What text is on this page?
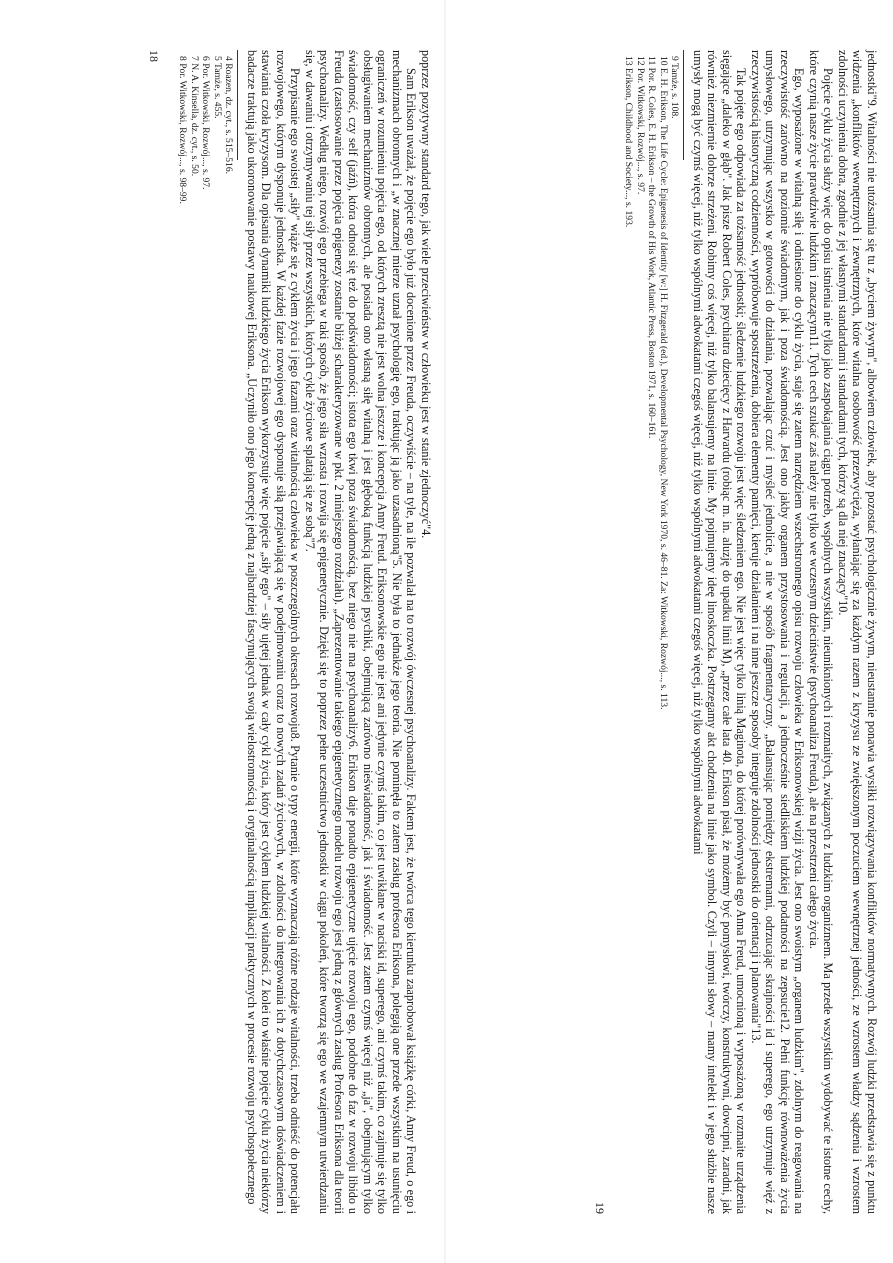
poprzez pozytywny standard tego, jak wiele przeciwieństw w człowieku jest w stanie zjednoczyć"4.

Sam Erikson uważał, że pojęcie ego było już docenione przez Freuda, oczywiście – na tyle, na ile pozwalał na to rozwój ówczesnej psychoanalizy. Faktem jest, że twórca tego kierunku zaaprobował książkę córki, Anny Freud, o ego i mechanizmach obronnych i „w znacznej mierze uznał psychologię ego, traktując ją jako uzasadnioną"5. Nie była to jednakże jego teoria. Nie pominęła to zatem zasług profesora Eriksona, polegają one przede wszystkim na usunięciu ograniczeń w rozumieniu pojęcia ego, od których zresztą nie jest wolna jeszcze i koncepcja Anny Freud. Eriksonowskie ego nie jest ani jedynie czymś takim, co jest uwikłane w naciski id, superego, ani czymś takim, co zajmuje się tylko obsługiwaniem mechanizmów obronnych, ale posiada ono własną siłę witalną i jest głęboką funkcją ludzkiej psychiki, obejmującą zarówno nieświadomość, jak i świadomość. Jest zatem czymś więcej niż „ja", obejmującym tylko świadomość, czy self (jaźń), która odnosi się też do podświadomości; istota ego tkwi poza świadomością, bez niego nie ma psychoanalizy6. Erikson daje ponadto epigenetyczne ujęcie rozwoju ego, podobne do faz w rozwoju libido u Freuda (zastosowanie przez pojęcia epigenezy zostanie bliżej scharakteryzowane w pkt. 2 niniejszego rozdziału). „Zaprezentowanie takiego epigenetycznego modelu rozwoju ego jest jedną z głównych zasług Profesora Eriksona dla teorii psychoanalizy. Według niego, rozwój ego przebiega w taki sposób, że jego siła wzrasta i rozwija się epigenetycznie. Dzięki się to poprzez pełne uczestnictwo jednostki w ciągu pokoleń, które tworzą się ego we wzajemnym utwierdzaniu się, w dawaniu i otrzymywaniu tej siły przez wszystkich, których cykle życiowe splatają się ze sobą"7.

Przypisanie ego swoistej „siły" wiąże się z cyklem życia i jego fazami oraz witalnością człowieka w poszczególnych okresach rozwoju8. Pytanie o typy energii, które wyznaczają różne rodzaje witalności, trzeba odnieść do potencjału rozwojowego, którym dysponuje jednostka. W każdej fazie rozwojowej ego dysponuje siłą przejawiającą się w podejmowaniu coraz to nowych zadań życiowych, w zdolności do integrowania ich z dotychczasowym doświadczeniem i stawiania czoła kryzysom. Dla opisania dynamiki ludzkiego życia Erikson wykorzystuje więc pojęcie „siły ego" – siły ujętej jednak w cały cykl życia, który jest cyklem ludzkiej witalności. Z kolei to właśnie pojęcie cyklu życia niektórzy badacze traktują jako ukoronowanie postawy naukowej Eriksona. „Uczyniło ono jego koncepcję jedną z najbardziej fascynujących swoją wielostronnością i oryginalnością implikacji praktycznych w procesie rozwoju psychospołecznego

4 Roazen, dz. cyt., s. 515–516.

5 Tamże, s. 455.

6 Por. Witkowski, Rozwój..., s. 97.

7 N. A. Kinsella, dz. cyt., s. 50.

8 Por. Witkowski, Rozwój..., s. 98–99.

18	jednostki"9. Witalności nie utożsamia się tu z „byciem żywym", albowiem człowiek, aby pozostać psychologicznie żywym, nieustannie ponawia wysiłki rozwiązywania konfliktów normatywnych. Rozwój ludzki przedstawia się z punktu widzenia „konfliktów wewnętrznych i zewnętrznych, które witalna osobowość przezwycięża, wyłaniając się za każdym razem z kryzysu ze zwiększonym poczuciem wewnętrznej jedności, ze wzrostem władzy sądzenia i wzrostem zdolności uczynienia dobra, zgodnie z jej własnymi standardami i standardami tych, którzy są dla niej znaczący"10.

Pojęcie cyklu życia służy więc do opisu istnienia nie tylko jako zaspokajania ciągu potrzeb, wspólnych wszystkim, nieuniknionych i rozmaitych, związanych z ludzkim organizmem. Ma przede wszystkim wydobywać te istotne cechy, które czynią nasze życie prawdziwie ludzkim i znaczącym11. Tych cech szukać zaś należy nie tylko we wczesnym dzieciństwie (psychoanaliza Freuda), ale na przestrzeni całego życia.

Ego, wyposażone w witalną siłę i odniesione do cyklu życia, staje się zatem narzędziem wszechstronnego opisu rozwoju człowieka w Eriksonowskiej wizji życia. Jest ono swoistym „organem ludzkim", zdolnym do reagowania na rzeczywistość zarówno na poziomie świadomym, jak i poza świadomością. Jest ono jakby organem przystosowania i regulacji, a jednocześnie siedliskiem ludzkiej podatności na zepsucie12. Pełni funkcję równoważenia życia umysłowego, utrzymując wszystko w gotowości do działania, pozwalając czuć i myśleć jednolicie, a nie w sposób fragmentaryczny. „Balansując pomiędzy ekstremami, odrzucając skrajności id i superego, ego utrzymuje więź z rzeczywistością historyczną codzienności, wypróbowuje spostrzeżenia, dobiera elementy pamięci, kieruje działaniem i na inne jeszcze sposoby integruje zdolności jednostki do orientacji i planowania"13.

Tak pojęte ego odpowiada za tożsamość jednostki; śledzenie ludzkiego rozwoju jest więc śledzeniem ego. Nie jest więc tylko linią Maginota, do której porównywała ego Anna Freud, umocnioną i wyposażoną w rozmaite urządzenia sięgające „daleko w głąb". Jak pisze Robert Coles, psychiatra dziecięcy z Harvardu (robiąc m. in. aluzję do upadku linii M), „przez całe lata 40. Erikson pisał, że możemy być pomysłowi, twórczy, konstruktywni, dowcipni, zaradni, jak również niezmiernie dobrze strzeżeni. Robimy coś więcej, niż tylko balansujemy na linie. My pojmujemy ideę linoskoczka. Postrzegamy akt chodzenia na linie jako symbol. Czyli – innymi słowy – mamy intelekt i w jego służbie nasze umysły mogą być czymś więcej, niż tylko wspólnymi adwokatami czegoś więcej, niż tylko wspólnymi adwokatami czegoś więcej, niż tylko wspólnymi adwokatami

9 Tamże, s. 108.

10 E. H. Erikson, The Life Cycle: Epigenesis of Identity [w:] H. Fitzgerald (ed.), Developmental Psychology, New York 1970, s. 46–81. Za: Witkowski, Rozwój..., s. 113.

11 Por. R. Coles, E. H. Erikson – the Growth of His Work, Atlantic Press, Boston 1971, s. 160–161.

12 Por. Witkowski, Rozwój..., s. 97.

13 Erikson, Childhood and Society..., s. 193.

19
